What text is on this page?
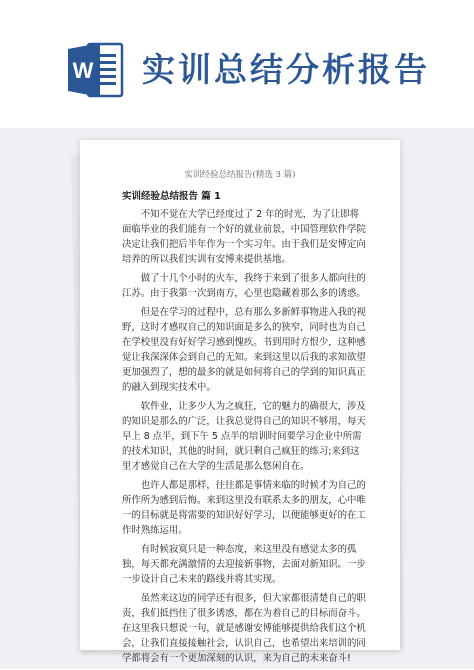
W 实训总结分析报告
实训经验总结报告(精选 3 篇)
实训经验总结报告 篇 1

不知不觉在大学已经度过了 2 年的时光，为了让即将面临毕业的我们能有一个好的就业前景，中国管理软件学院决定让我们把后半年作为一个实习年。由于我们是安博定向培养的所以我们实训有安博来提供基地。

做了十几个小时的火车，我终于来到了很多人都向往的江苏。由于我第一次到南方，心里也隐藏着那么多的诱惑。

但是在学习的过程中，总有那么多新鲜事物进入我的视野，这时才感叹自己的知识面是多么的狭窄，同时也为自己在学校里没有好好学习感到愧疚。书到用时方恨少，这种感觉让我深深体会到自己的无知。来到这里以后我的求知欲望更加强烈了，想的最多的就是如何将自己的学到的知识真正的融入到现实技术中。

软件业，让多少人为之疯狂，它的魅力的确很大，涉及的知识是那么的广泛，让我总觉得自己的知识不够用，每天早上 8 点半，到下午 5 点半的培训时间要学习企业中所需的技术知识，其他的时间，就只剩自己疯狂的练习;来到这里才感觉自己在大学的生活是那么悠闲自在。

也许人都是那样，往往都是事情来临的时候才为自己的所作所为感到后悔。来到这里没有联系太多的朋友，心中唯一的目标就是将需要的知识好好学习，以便能够更好的在工作时熟练运用。

有时候寂寞只是一种态度，来这里没有感觉太多的孤独，每天都充满激情的去迎接新事物，去面对新知识。一步一步设计自己未来的路线并将其实现。

虽然来这边的同学还有很多，但大家都很清楚自己的职责，我们抵挡住了很多诱惑，都在为着自己的目标而奋斗。在这里我只想说一句，就是感谢安博能够提供给我们这个机会，让我们直接接触社会，认识自己，也希望出来培训的同学都将会有一个更加深刻的认识，来为自己的未来奋斗!
